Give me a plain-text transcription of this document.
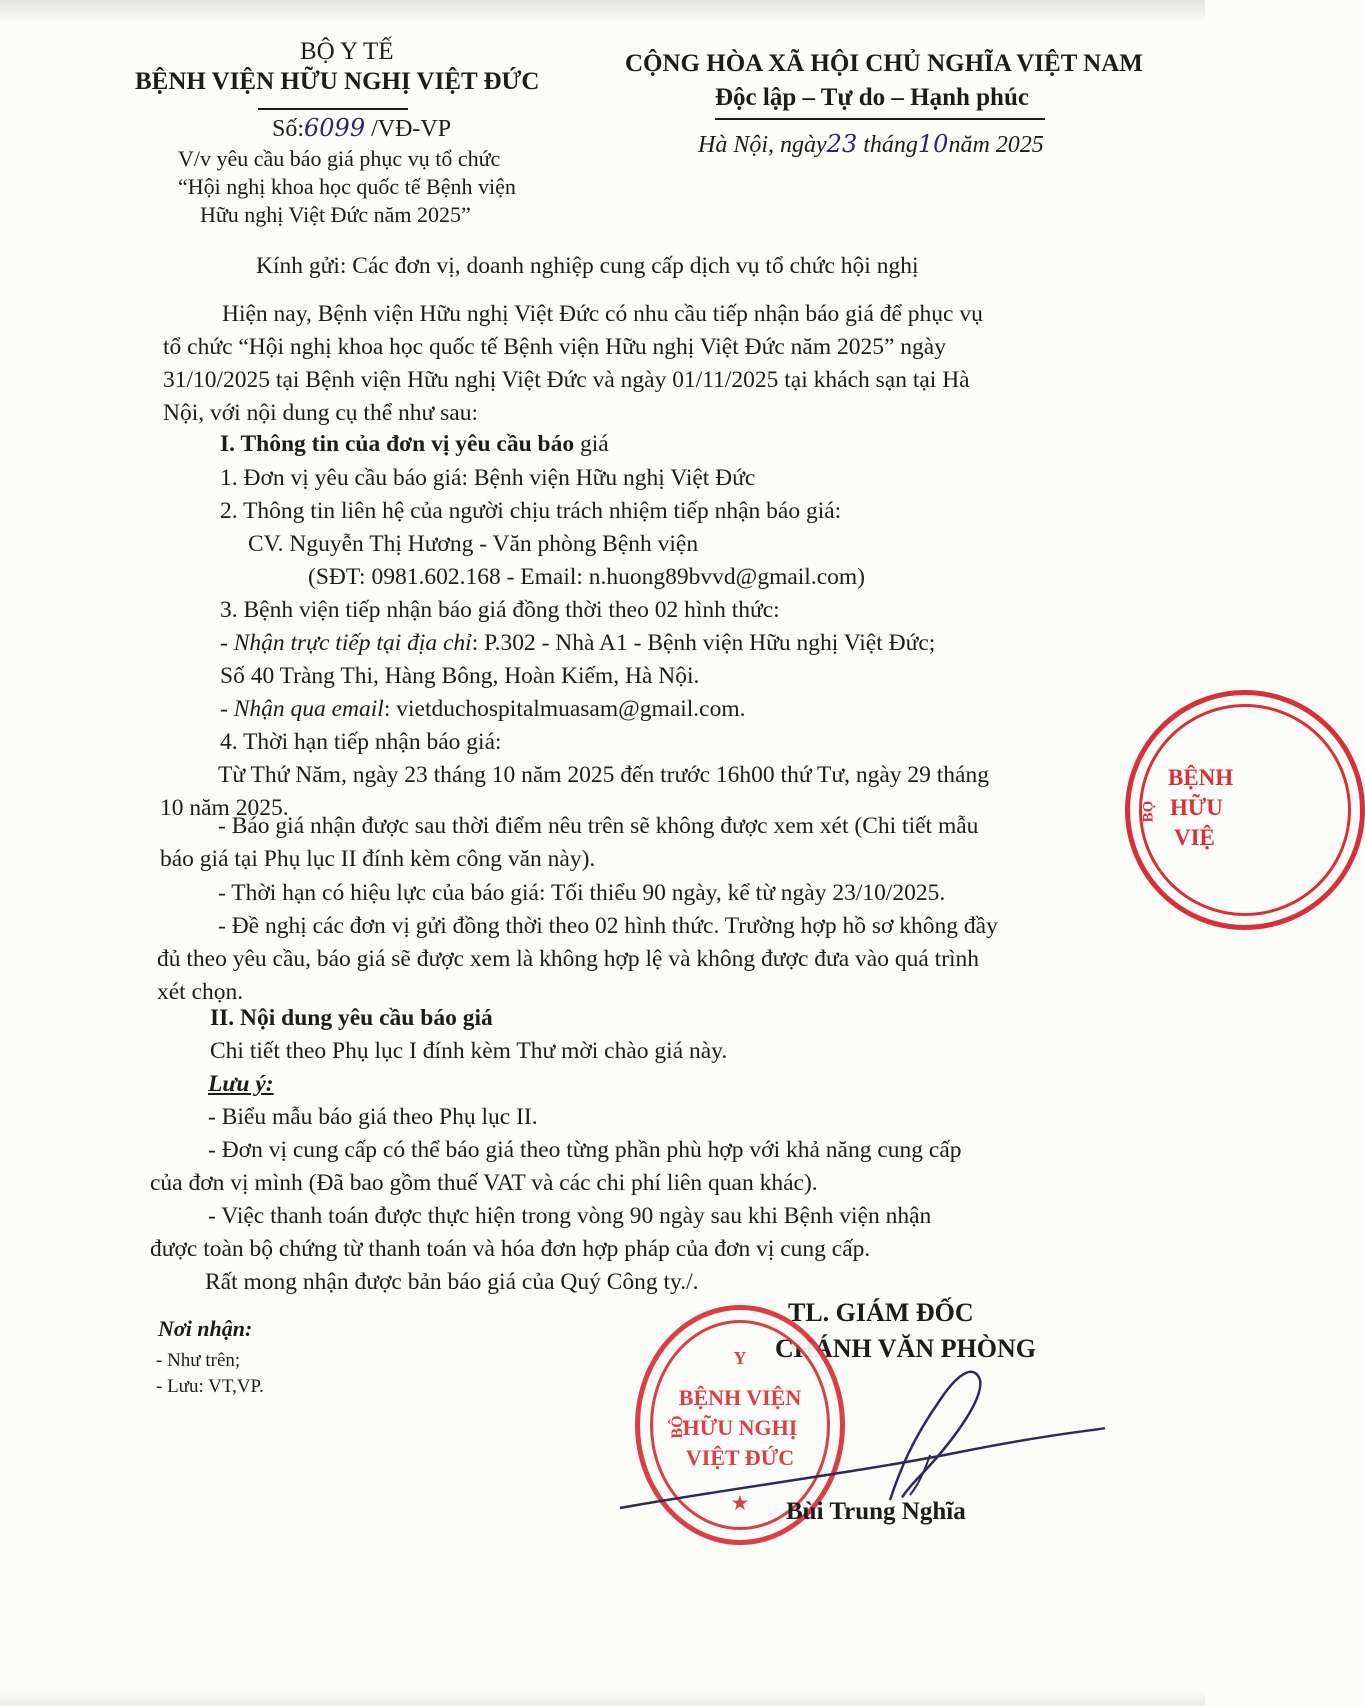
BỘ Y TẾ
BỆNH VIỆN HỮU NGHỊ VIỆT ĐỨC
Số:6099 /VĐ-VP
V/v yêu cầu báo giá phục vụ tổ chức
“Hội nghị khoa học quốc tế Bệnh viện
Hữu nghị Việt Đức năm 2025”
CỘNG HÒA XÃ HỘI CHỦ NGHĨA VIỆT NAM
Độc lập – Tự do – Hạnh phúc
Hà Nội, ngày23 tháng10năm 2025
Kính gửi: Các đơn vị, doanh nghiệp cung cấp dịch vụ tổ chức hội nghị
Hiện nay, Bệnh viện Hữu nghị Việt Đức có nhu cầu tiếp nhận báo giá để phục vụ
tổ chức “Hội nghị khoa học quốc tế Bệnh viện Hữu nghị Việt Đức năm 2025” ngày
31/10/2025 tại Bệnh viện Hữu nghị Việt Đức và ngày 01/11/2025 tại khách sạn tại Hà
Nội, với nội dung cụ thể như sau:
I. Thông tin của đơn vị yêu cầu báo giá
1. Đơn vị yêu cầu báo giá: Bệnh viện Hữu nghị Việt Đức
2. Thông tin liên hệ của người chịu trách nhiệm tiếp nhận báo giá:
CV. Nguyễn Thị Hương - Văn phòng Bệnh viện
(SĐT: 0981.602.168 - Email: n.huong89bvvd@gmail.com)
3. Bệnh viện tiếp nhận báo giá đồng thời theo 02 hình thức:
- Nhận trực tiếp tại địa chỉ: P.302 - Nhà A1 - Bệnh viện Hữu nghị Việt Đức;
Số 40 Tràng Thi, Hàng Bông, Hoàn Kiếm, Hà Nội.
- Nhận qua email: vietduchospitalmuasam@gmail.com.
4. Thời hạn tiếp nhận báo giá:
Từ Thứ Năm, ngày 23 tháng 10 năm 2025 đến trước 16h00 thứ Tư, ngày 29 tháng
10 năm 2025.
- Báo giá nhận được sau thời điểm nêu trên sẽ không được xem xét (Chi tiết mẫu
báo giá tại Phụ lục II đính kèm công văn này).
- Thời hạn có hiệu lực của báo giá: Tối thiểu 90 ngày, kể từ ngày 23/10/2025.
- Đề nghị các đơn vị gửi đồng thời theo 02 hình thức. Trường hợp hồ sơ không đầy
đủ theo yêu cầu, báo giá sẽ được xem là không hợp lệ và không được đưa vào quá trình
xét chọn.
II. Nội dung yêu cầu báo giá
Chi tiết theo Phụ lục I đính kèm Thư mời chào giá này.
Lưu ý:
- Biểu mẫu báo giá theo Phụ lục II.
- Đơn vị cung cấp có thể báo giá theo từng phần phù hợp với khả năng cung cấp
của đơn vị mình (Đã bao gồm thuế VAT và các chi phí liên quan khác).
- Việc thanh toán được thực hiện trong vòng 90 ngày sau khi Bệnh viện nhận
được toàn bộ chứng từ thanh toán và hóa đơn hợp pháp của đơn vị cung cấp.
Rất mong nhận được bản báo giá của Quý Công ty./.
Nơi nhận:
- Như trên;
- Lưu: VT,VP.
TL. GIÁM ĐỐC
CHÁNH VĂN PHÒNG
Y
BỆNH VIỆN
HỮU NGHỊ
VIỆT ĐỨC
BỘ
★	Bùi Trung Nghĩa
BỆNH
HỮU
VIỆ
BỘ
